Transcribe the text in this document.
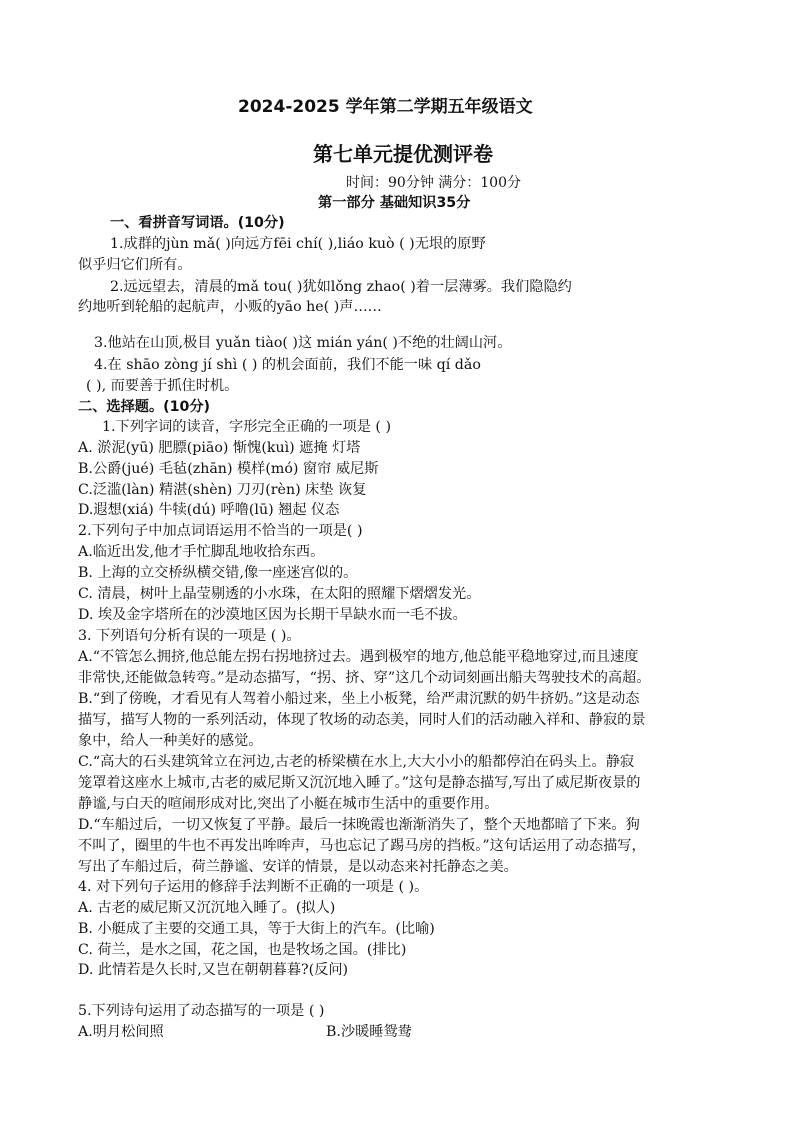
2024-2025 学年第二学期五年级语文
第七单元提优测评卷
时间：90分钟 满分：100分
第一部分 基础知识35分
一、看拼音写词语。(10分)
1.成群的jùn mǎ( )向远方fēi chí( ),liáo kuò ( )无垠的原野
似乎归它们所有。
2.远远望去，清晨的mǎ tou( )犹如lǒng zhao( )着一层薄雾。我们隐隐约
约地听到轮船的起航声，小贩的yāo he( )声……
3.他站在山顶,极目 yuǎn tiào( )这 mián yán( )不绝的壮阔山河。
4.在 shāo zòng jí shì ( ) 的机会面前，我们不能一味 qí dǎo
( ), 而要善于抓住时机。
二、选择题。(10分)
1.下列字词的读音，字形完全正确的一项是 ( )
A. 淤泥(yū) 肥膘(piāo) 惭愧(kuì) 遮掩 灯塔
B.公爵(jué) 毛毡(zhān) 模样(mó) 窗帘 威尼斯
C.泛滥(làn) 精湛(shèn) 刀刃(rèn) 床垫 诙复
D.遐想(xiá) 牛犊(dú) 呼噜(lū) 翘起 仪态
2.下列句子中加点词语运用不恰当的一项是( )
A.临近出发,他才手忙脚乱地收拾东西。
B. 上海的立交桥纵横交错,像一座迷宫似的。
C. 清晨，树叶上晶莹剔透的小水珠，在太阳的照耀下熠熠发光。
D. 埃及金字塔所在的沙漠地区因为长期干旱缺水而一毛不拔。
3. 下列语句分析有误的一项是 ( )。
A.“不管怎么拥挤,他总能左拐右拐地挤过去。遇到极窄的地方,他总能平稳地穿过,而且速度
非常快,还能做急转弯。”是动态描写，“拐、挤、穿”这几个动词刻画出船夫驾驶技术的高超。
B.“到了傍晚，才看见有人驾着小船过来，坐上小板凳，给严肃沉默的奶牛挤奶。”这是动态
描写，描写人物的一系列活动，体现了牧场的动态美，同时人们的活动融入祥和、静寂的景
象中，给人一种美好的感觉。
C.“高大的石头建筑耸立在河边,古老的桥梁横在水上,大大小小的船都停泊在码头上。静寂
笼罩着这座水上城市,古老的威尼斯又沉沉地入睡了。”这句是静态描写,写出了威尼斯夜景的
静谧,与白天的喧闹形成对比,突出了小艇在城市生活中的重要作用。
D.“车船过后，一切又恢复了平静。最后一抹晚霞也渐渐消失了，整个天地都暗了下来。狗
不叫了，圈里的牛也不再发出哞哞声，马也忘记了踢马房的挡板。”这句话运用了动态描写，
写出了车船过后，荷兰静谧、安详的情景，是以动态来衬托静态之美。
4. 对下列句子运用的修辞手法判断不正确的一项是 ( )。
A. 古老的威尼斯又沉沉地入睡了。(拟人)
B. 小艇成了主要的交通工具，等于大街上的汽车。(比喻)
C. 荷兰，是水之国，花之国，也是牧场之国。(排比)
D. 此情若是久长时,又岂在朝朝暮暮?(反问)
5.下列诗句运用了动态描写的一项是 ( )
A.明月松间照	B.沙暖睡鸳鸯
